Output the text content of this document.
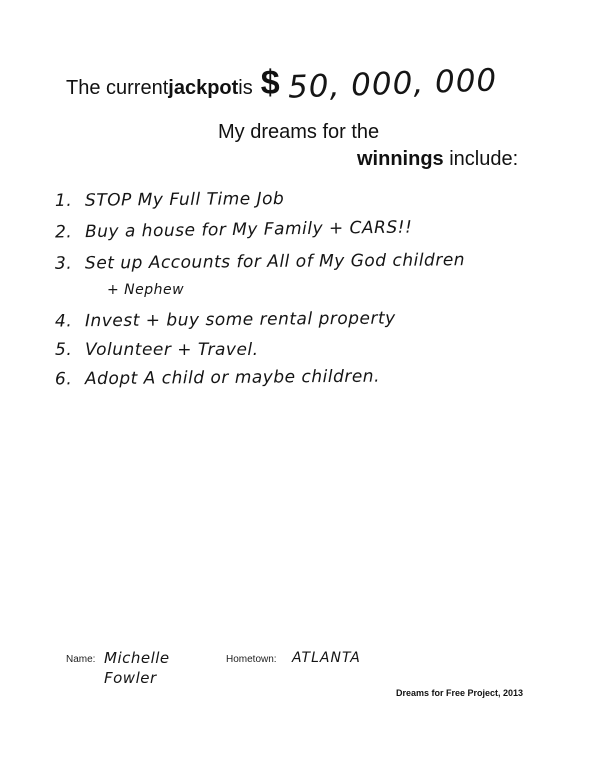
The current jackpot is $ 50, 000, 000
My dreams for the
winnings include:
1. STOP My Full Time Job
2. Buy a house for My Family + CARS!!
3. Set up Accounts for All of My God children
+ Nephew
4. Invest + buy some rental property
5. Volunteer + Travel.
6. Adopt A child or maybe children.
Name: Michelle Fowler
Hometown: ATLANTA
Dreams for Free Project, 2013
